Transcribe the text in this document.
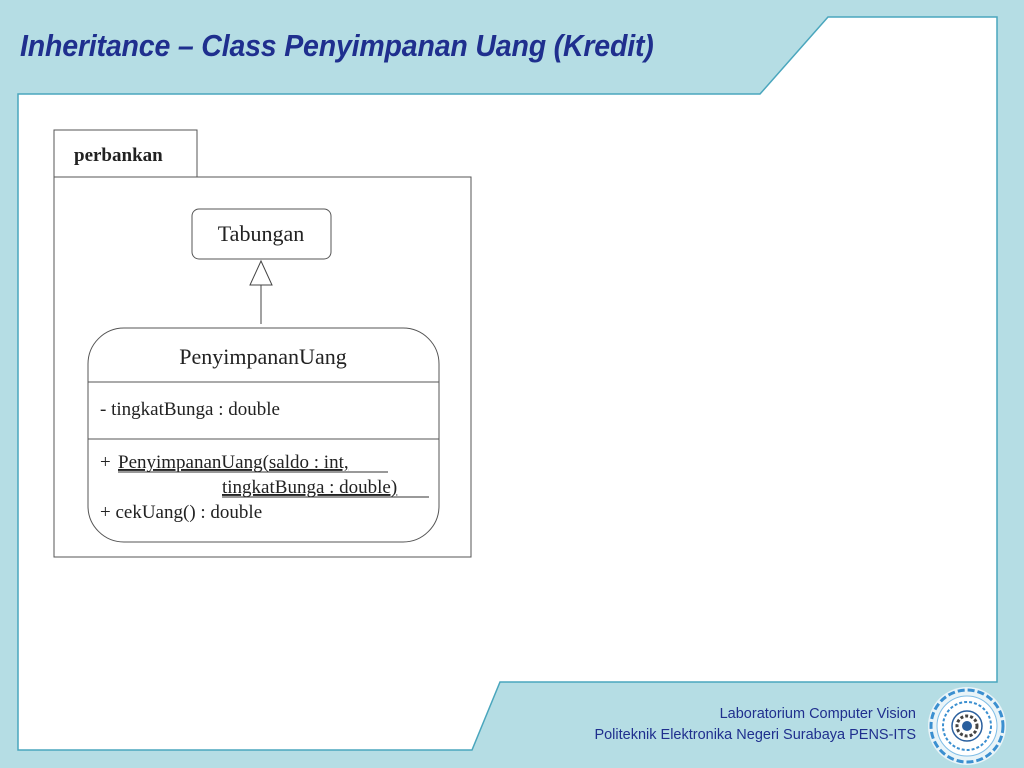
Inheritance – Class Penyimpanan Uang (Kredit)
perbankan
Tabungan
PenyimpananUang
- tingkatBunga : double
+ PenyimpananUang(saldo : int,
tingkatBunga : double)
+ cekUang() : double
Laboratorium Computer Vision
Politeknik Elektronika Negeri Surabaya PENS-ITS
